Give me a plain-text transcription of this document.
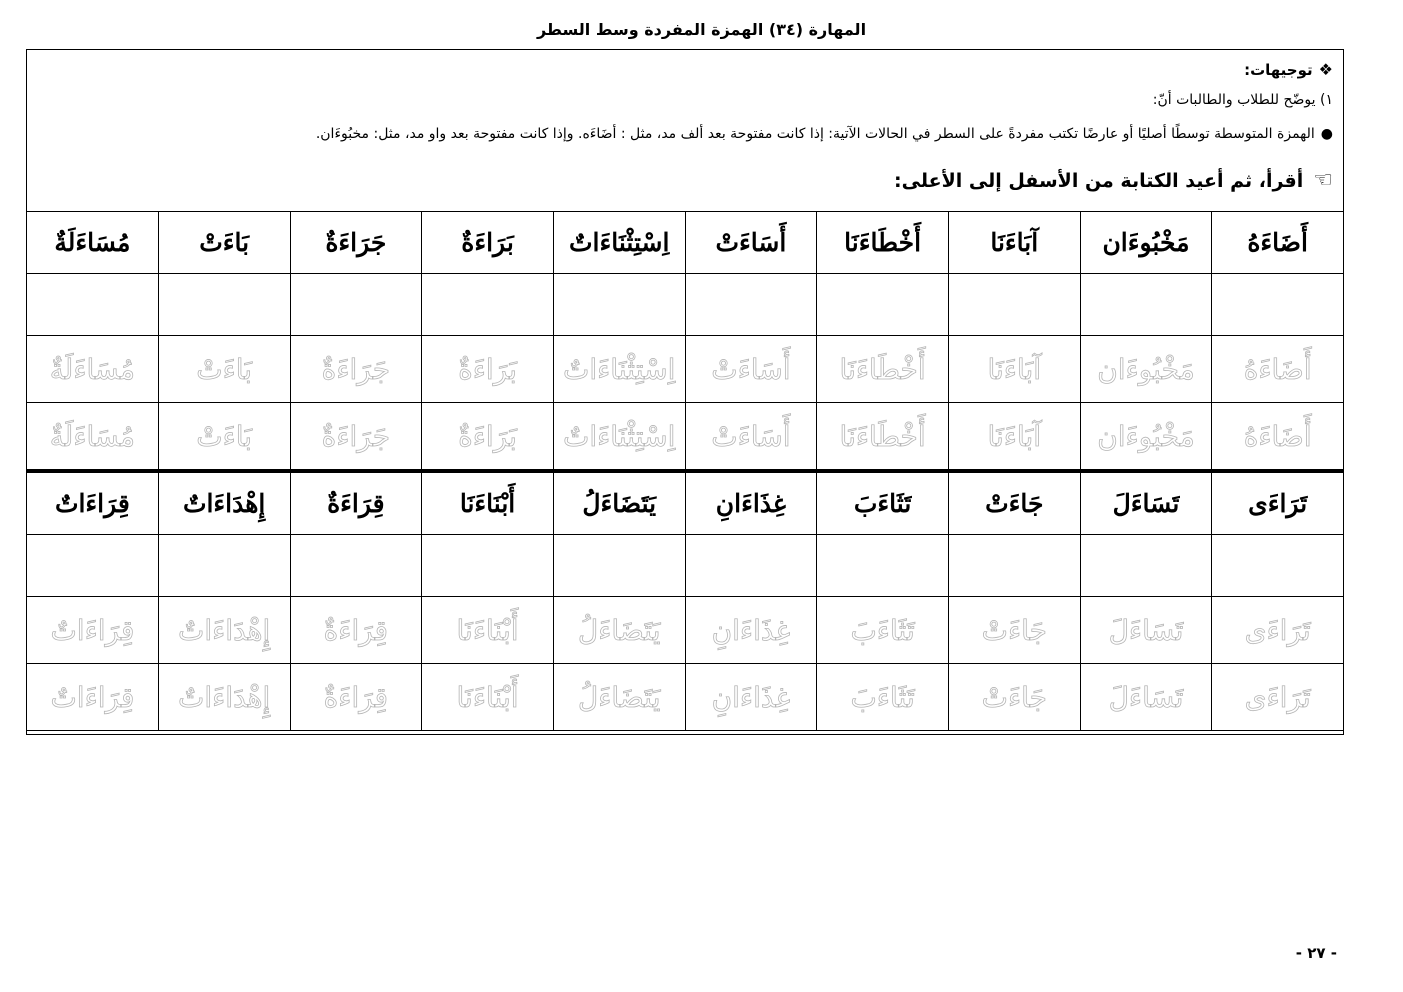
المهارة (٣٤) الهمزة المفردة وسط السطر
❖
توجيهات:
١) يوضّح للطلاب والطالبات أنّ:
●
الهمزة المتوسطة توسطًا أصليًا أو عارضًا تكتب مفردةً على السطر في الحالات الآتية: إذا كانت مفتوحة بعد ألف مد، مثل : أضَاءَه. وإذا كانت مفتوحة بعد واو مد، مثل: مخبُوءَان.
☜
أقرأ، ثم أعيد الكتابة من الأسفل إلى الأعلى:
أَضَاءَهُ	مَخْبُوءَان	آبَاءَنَا	أَخْطَاءَنَا	أَسَاءَتْ	اِسْتِثْنَاءَاتٌ	بَرَاءَةٌ	جَرَاءَةٌ	بَاءَتْ	مُسَاءَلَةٌ

أَضَاءَهُ	مَخْبُوءَان	آبَاءَنَا	أَخْطَاءَنَا	أَسَاءَتْ	اِسْتِثْنَاءَاتٌ	بَرَاءَةٌ	جَرَاءَةٌ	بَاءَتْ	مُسَاءَلَةٌ
أَضَاءَهُ	مَخْبُوءَان	آبَاءَنَا	أَخْطَاءَنَا	أَسَاءَتْ	اِسْتِثْنَاءَاتٌ	بَرَاءَةٌ	جَرَاءَةٌ	بَاءَتْ	مُسَاءَلَةٌ
تَرَاءَى	تَسَاءَلَ	جَاءَتْ	تَثَاءَبَ	غِذَاءَانِ	يَتَضَاءَلُ	أَبْنَاءَنَا	قِرَاءَةٌ	إِهْدَاءَاتٌ	قِرَاءَاتٌ

تَرَاءَى	تَسَاءَلَ	جَاءَتْ	تَثَاءَبَ	غِذَاءَانِ	يَتَضَاءَلُ	أَبْنَاءَنَا	قِرَاءَةٌ	إِهْدَاءَاتٌ	قِرَاءَاتٌ
تَرَاءَى	تَسَاءَلَ	جَاءَتْ	تَثَاءَبَ	غِذَاءَانِ	يَتَضَاءَلُ	أَبْنَاءَنَا	قِرَاءَةٌ	إِهْدَاءَاتٌ	قِرَاءَاتٌ
- ٢٧ -
